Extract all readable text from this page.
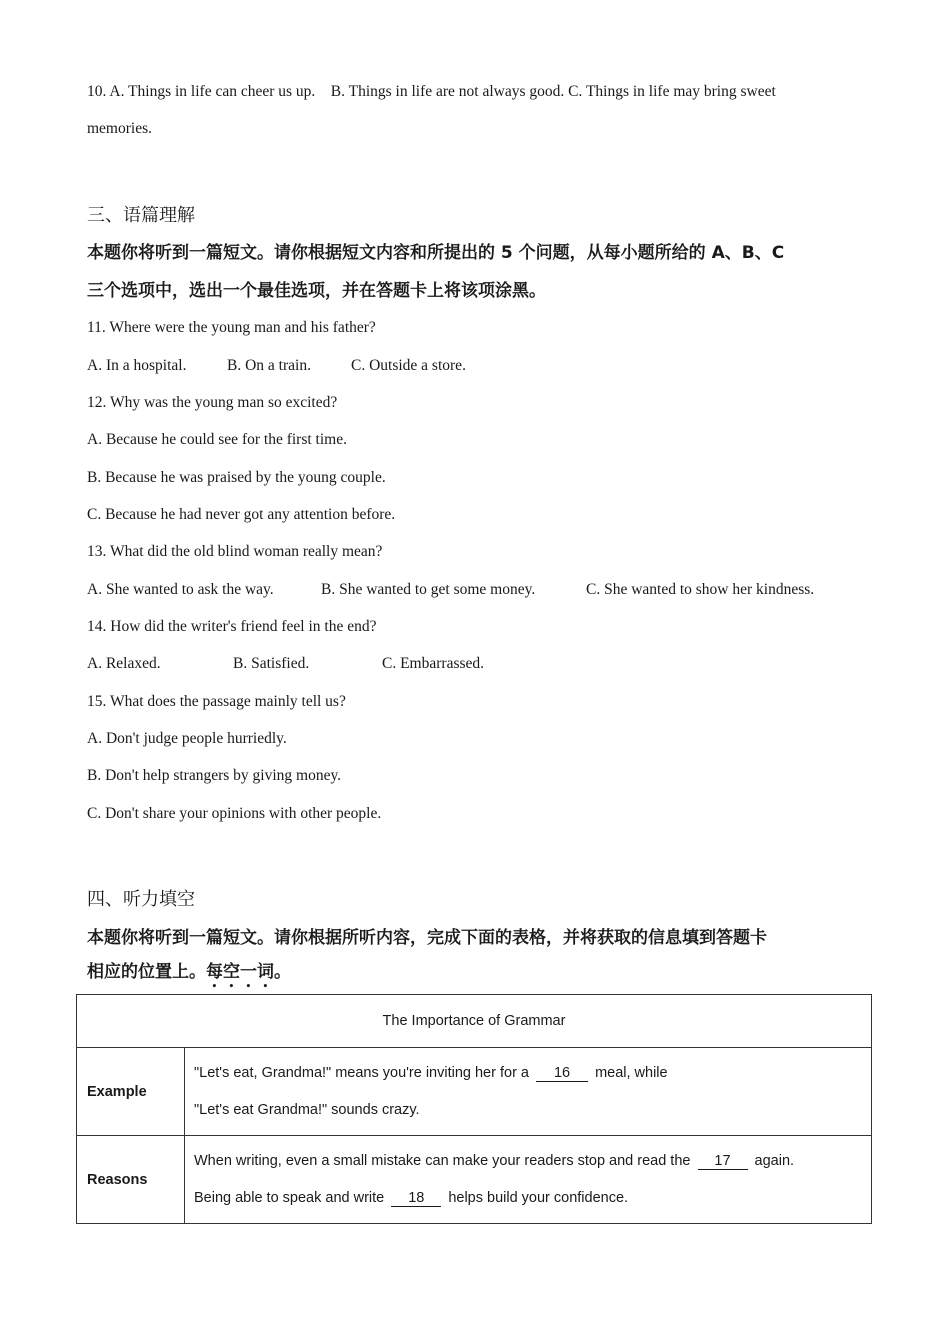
10. A. Things in life can cheer us up.    B. Things in life are not always good. C. Things in life may bring sweet
memories.
三、语篇理解
本题你将听到一篇短文。请你根据短文内容和所提出的 5 个问题，从每小题所给的 A、B、C
三个选项中，选出一个最佳选项，并在答题卡上将该项涂黑。
11. Where were the young man and his father?
A. In a hospital.	B. On a train.	C. Outside a store.
12. Why was the young man so excited?
A. Because he could see for the first time.
B. Because he was praised by the young couple.
C. Because he had never got any attention before.
13. What did the old blind woman really mean?
A. She wanted to ask the way.	B. She wanted to get some money.	C. She wanted to show her kindness.
14. How did the writer's friend feel in the end?
A. Relaxed.	B. Satisfied.	C. Embarrassed.
15. What does the passage mainly tell us?
A. Don't judge people hurriedly.
B. Don't help strangers by giving money.
C. Don't share your opinions with other people.
四、听力填空
本题你将听到一篇短文。请你根据所听内容，完成下面的表格，并将获取的信息填到答题卡
相应的位置上。每空一词。
The Importance of Grammar	
Example	"Let's eat, Grandma!" means you're inviting her for a 16 meal, while
"Let's eat Grandma!" sounds crazy.

Reasons	When writing, even a small mistake can make your readers stop and read the 17 again.
Being able to speak and write 18 helps build your confidence.
